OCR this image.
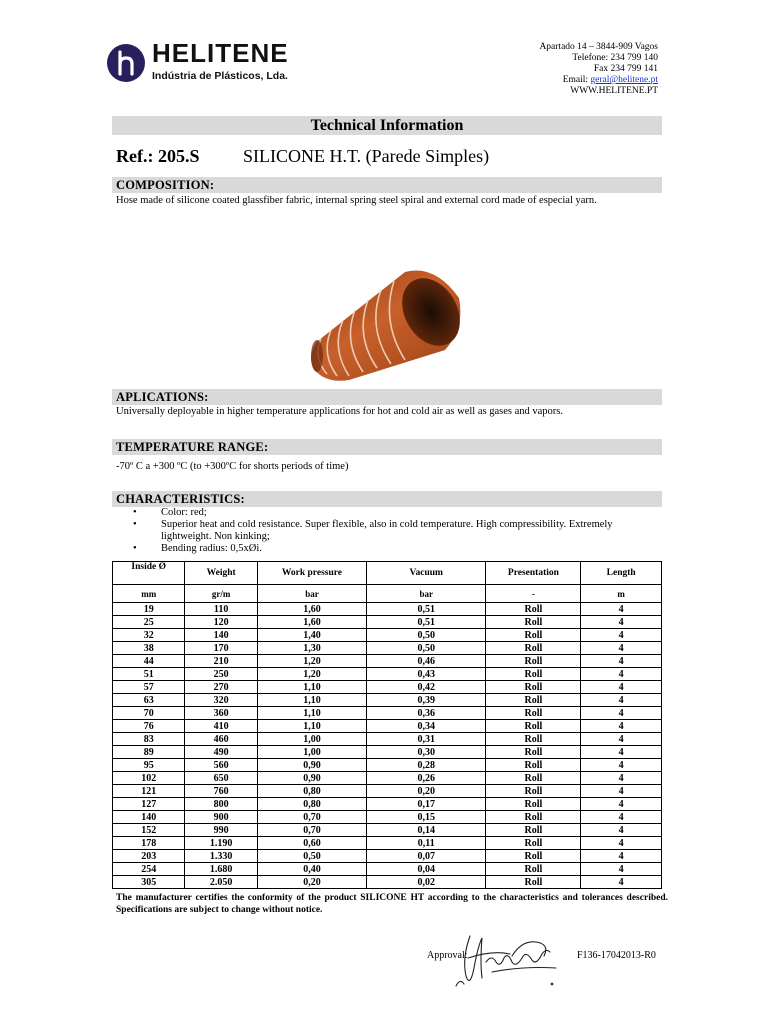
HELITENE
Indústria de Plásticos, Lda.
Apartado 14 – 3844-909 Vagos
Telefone: 234 799 140
Fax 234 799 141
Email: geral@helitene.pt
WWW.HELITENE.PT
Technical Information
Ref.: 205.S SILICONE H.T. (Parede Simples)
COMPOSITION:
Hose made of silicone coated glassfiber fabric, internal spring steel spiral and external cord made of especial yarn.
APLICATIONS:
Universally deployable in higher temperature applications for hot and cold air as well as gases and vapors.
TEMPERATURE RANGE:
-70º C a +300 ºC (to +300ºC for shorts periods of time)
CHARACTERISTICS:
• Color: red;
• Superior heat and cold resistance. Super flexible, also in cold temperature. High compressibility. Extremely lightweight. Non kinking;
• Bending radius: 0,5xØi.
Inside Ø	Weight	Work pressure	Vacuum	Presentation	Length
mm	gr/m	bar	bar	-	m
19	110	1,60	0,51	Roll	4
25	120	1,60	0,51	Roll	4
32	140	1,40	0,50	Roll	4
38	170	1,30	0,50	Roll	4
44	210	1,20	0,46	Roll	4
51	250	1,20	0,43	Roll	4
57	270	1,10	0,42	Roll	4
63	320	1,10	0,39	Roll	4
70	360	1,10	0,36	Roll	4
76	410	1,10	0,34	Roll	4
83	460	1,00	0,31	Roll	4
89	490	1,00	0,30	Roll	4
95	560	0,90	0,28	Roll	4
102	650	0,90	0,26	Roll	4
121	760	0,80	0,20	Roll	4
127	800	0,80	0,17	Roll	4
140	900	0,70	0,15	Roll	4
152	990	0,70	0,14	Roll	4
178	1.190	0,60	0,11	Roll	4
203	1.330	0,50	0,07	Roll	4
254	1.680	0,40	0,04	Roll	4
305	2.050	0,20	0,02	Roll	4
The manufacturer certifies the conformity of the product SILICONE HT according to the characteristics and tolerances described. Specifications are subject to change without notice.
Approval:	F136-17042013-R0
